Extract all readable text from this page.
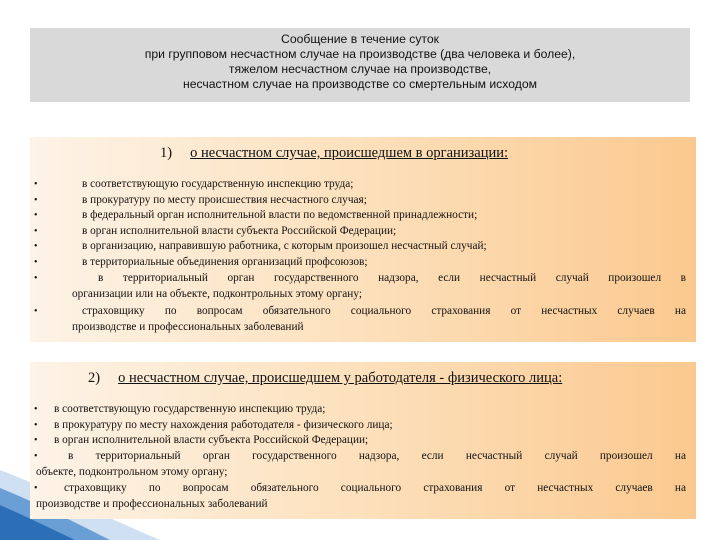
Сообщение в течение суток
при групповом несчастном случае на производстве (два человека и более),
тяжелом несчастном случае на производстве,
несчастном случае на производстве со смертельным исходом
1) о несчастном случае, происшедшем в организации:
•	в соответствующую государственную инспекцию труда;
•	в прокуратуру по месту происшествия несчастного случая;
•	в федеральный орган исполнительной власти по ведомственной принадлежности;
•	в орган исполнительной власти субъекта Российской Федерации;
•	в организацию, направившую работника, с которым произошел несчастный случай;
•	в территориальные объединения организаций профсоюзов;
•	в территориальный орган государственного надзора, если несчастный случай произошел в
организации или на объекте, подконтрольных этому органу;
•	страховщику по вопросам обязательного социального страхования от несчастных случаев на
производстве и профессиональных заболеваний
2) о несчастном случае, происшедшем у работодателя - физического лица:
• в соответствующую государственную инспекцию труда;
• в прокуратуру по месту нахождения работодателя - физического лица;
• в орган исполнительной власти субъекта Российской Федерации;
•	в территориальный орган государственного надзора, если несчастный случай произошел на
объекте, подконтрольном этому органу;
• страховщику по вопросам обязательного социального страхования от несчастных случаев на
производстве и профессиональных заболеваний
